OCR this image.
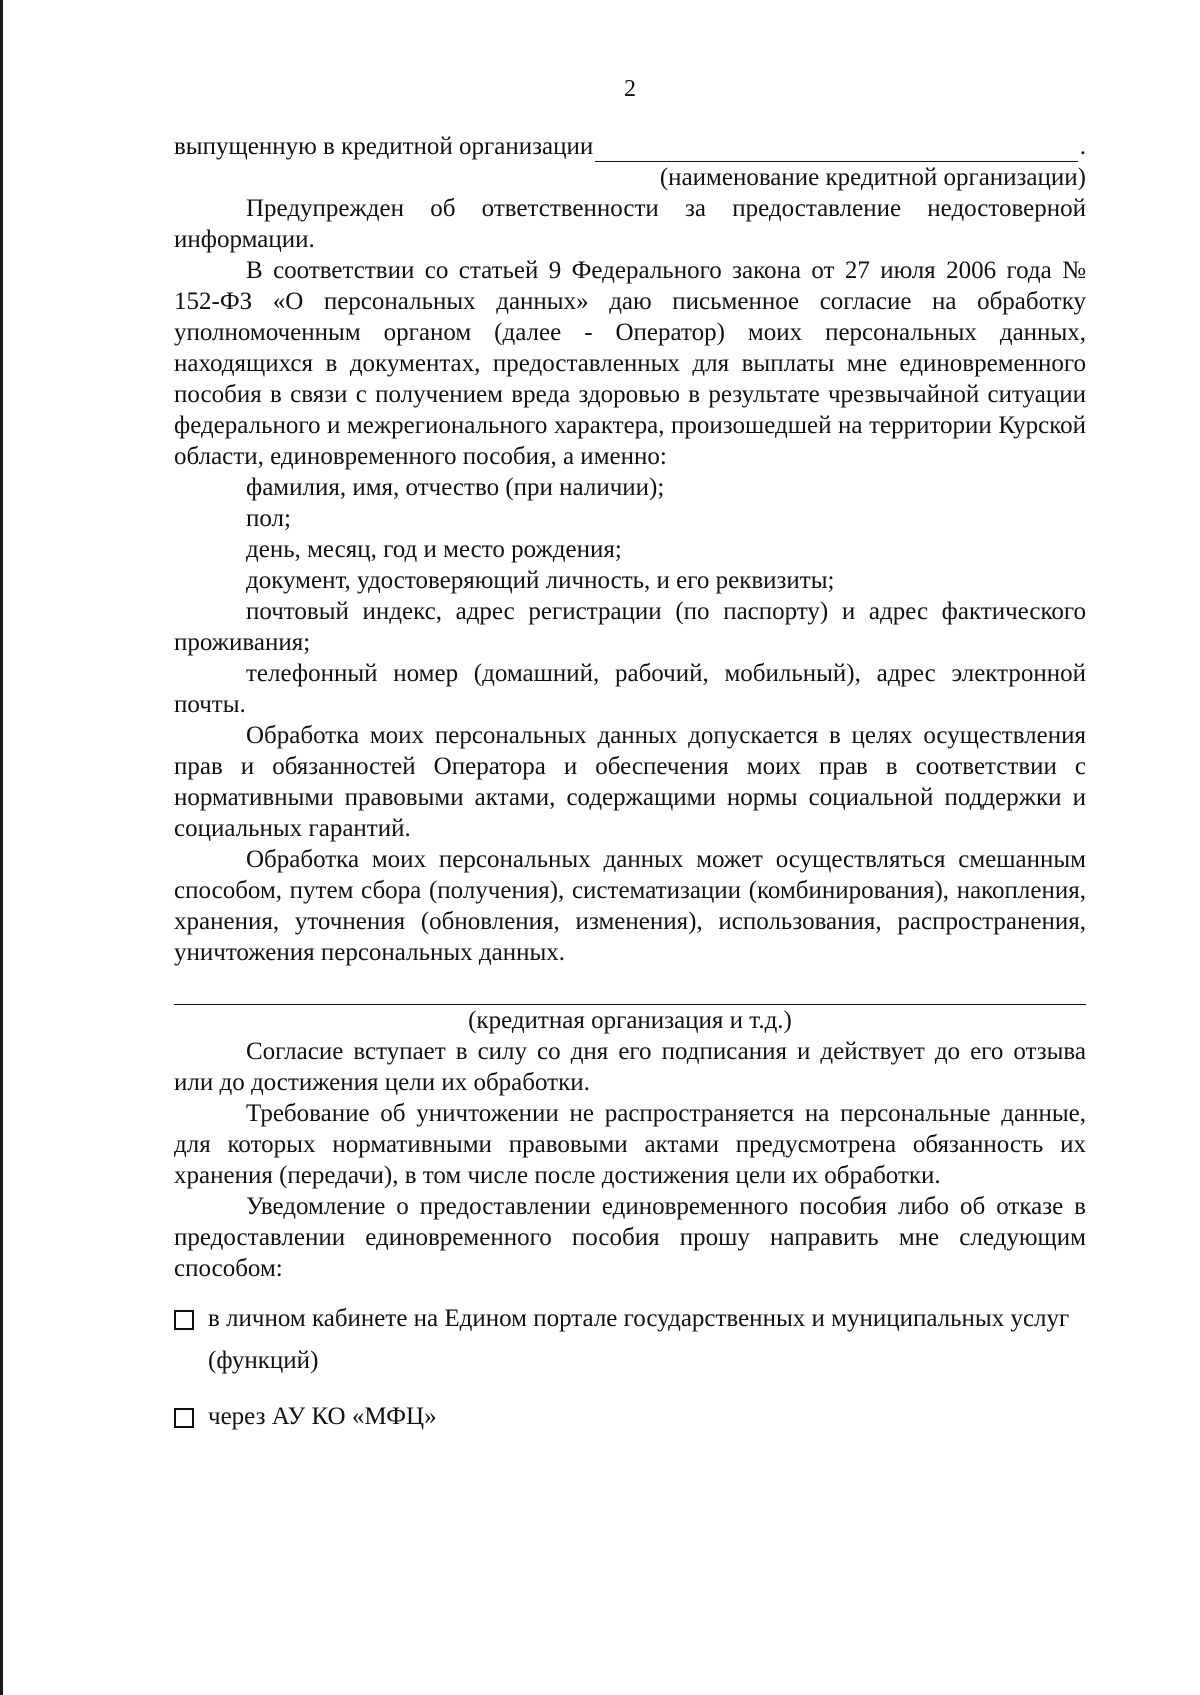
2
выпущенную в кредитной организации	.

(наименование кредитной организации)

Предупрежден об ответственности за предоставление недостоверной информации.

В соответствии со статьей 9 Федерального закона от 27 июля 2006 года № 152-ФЗ «О персональных данных» даю письменное согласие на обработку уполномоченным органом (далее - Оператор) моих персональных данных, находящихся в документах, предоставленных для выплаты мне единовременного пособия в связи с получением вреда здоровью в результате чрезвычайной ситуации федерального и межрегионального характера, произошедшей на территории Курской области, единовременного пособия, а именно:

фамилия, имя, отчество (при наличии);

пол;

день, месяц, год и место рождения;

документ, удостоверяющий личность, и его реквизиты;

почтовый индекс, адрес регистрации (по паспорту) и адрес фактического проживания;

телефонный номер (домашний, рабочий, мобильный), адрес электронной почты.

Обработка моих персональных данных допускается в целях осуществления прав и обязанностей Оператора и обеспечения моих прав в соответствии с нормативными правовыми актами, содержащими нормы социальной поддержки и социальных гарантий.

Обработка моих персональных данных может осуществляться смешанным способом, путем сбора (получения), систематизации (комбинирования), накопления, хранения, уточнения (обновления, изменения), использования, распространения, уничтожения персональных данных.

(кредитная организация и т.д.)

Согласие вступает в силу со дня его подписания и действует до его отзыва или до достижения цели их обработки.

Требование об уничтожении не распространяется на персональные данные, для которых нормативными правовыми актами предусмотрена обязанность их хранения (передачи), в том числе после достижения цели их обработки.

Уведомление о предоставлении единовременного пособия либо об отказе в предоставлении единовременного пособия прошу направить мне следующим способом:

в личном кабинете на Едином портале государственных и муниципальных услуг (функций)
через АУ КО «МФЦ»
